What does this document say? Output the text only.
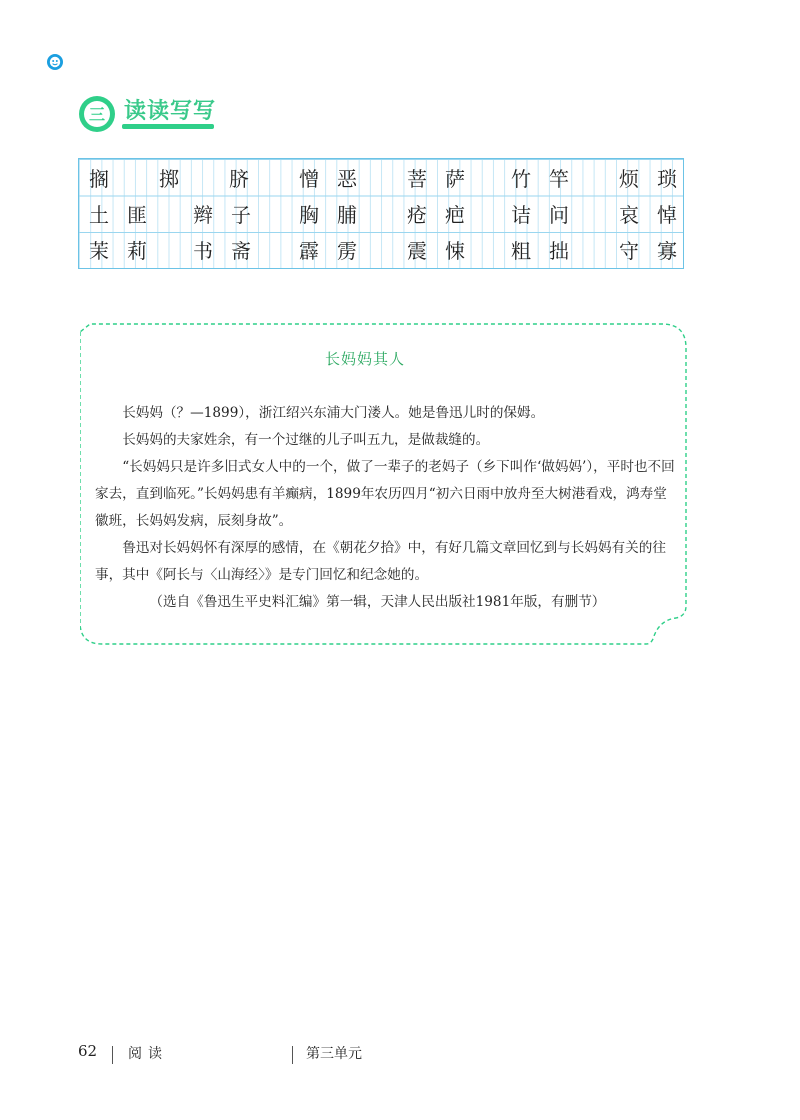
三 读读写写
搁 掷 脐 憎恶 菩萨 竹竿 烦琐
土匪 辫子 胸脯 疮疤 诘问 哀悼
茉莉 书斋 霹雳 震悚 粗拙 守寡
长妈妈其人

长妈妈（？—1899），浙江绍兴东浦大门溇人。她是鲁迅儿时的保姆。

长妈妈的夫家姓余，有一个过继的儿子叫五九，是做裁缝的。

“长妈妈只是许多旧式女人中的一个，做了一辈子的老妈子（乡下叫作‘做妈妈’），平时也不回家去，直到临死。”长妈妈患有羊癫病，1899年农历四月“初六日雨中放舟至大树港看戏，鸿寿堂徽班，长妈妈发病，辰刻身故”。

鲁迅对长妈妈怀有深厚的感情，在《朝花夕拾》中，有好几篇文章回忆到与长妈妈有关的往事，其中《阿长与〈山海经〉》是专门回忆和纪念她的。

（选自《鲁迅生平史料汇编》第一辑，天津人民出版社1981年版，有删节）

62 阅读	第三单元
